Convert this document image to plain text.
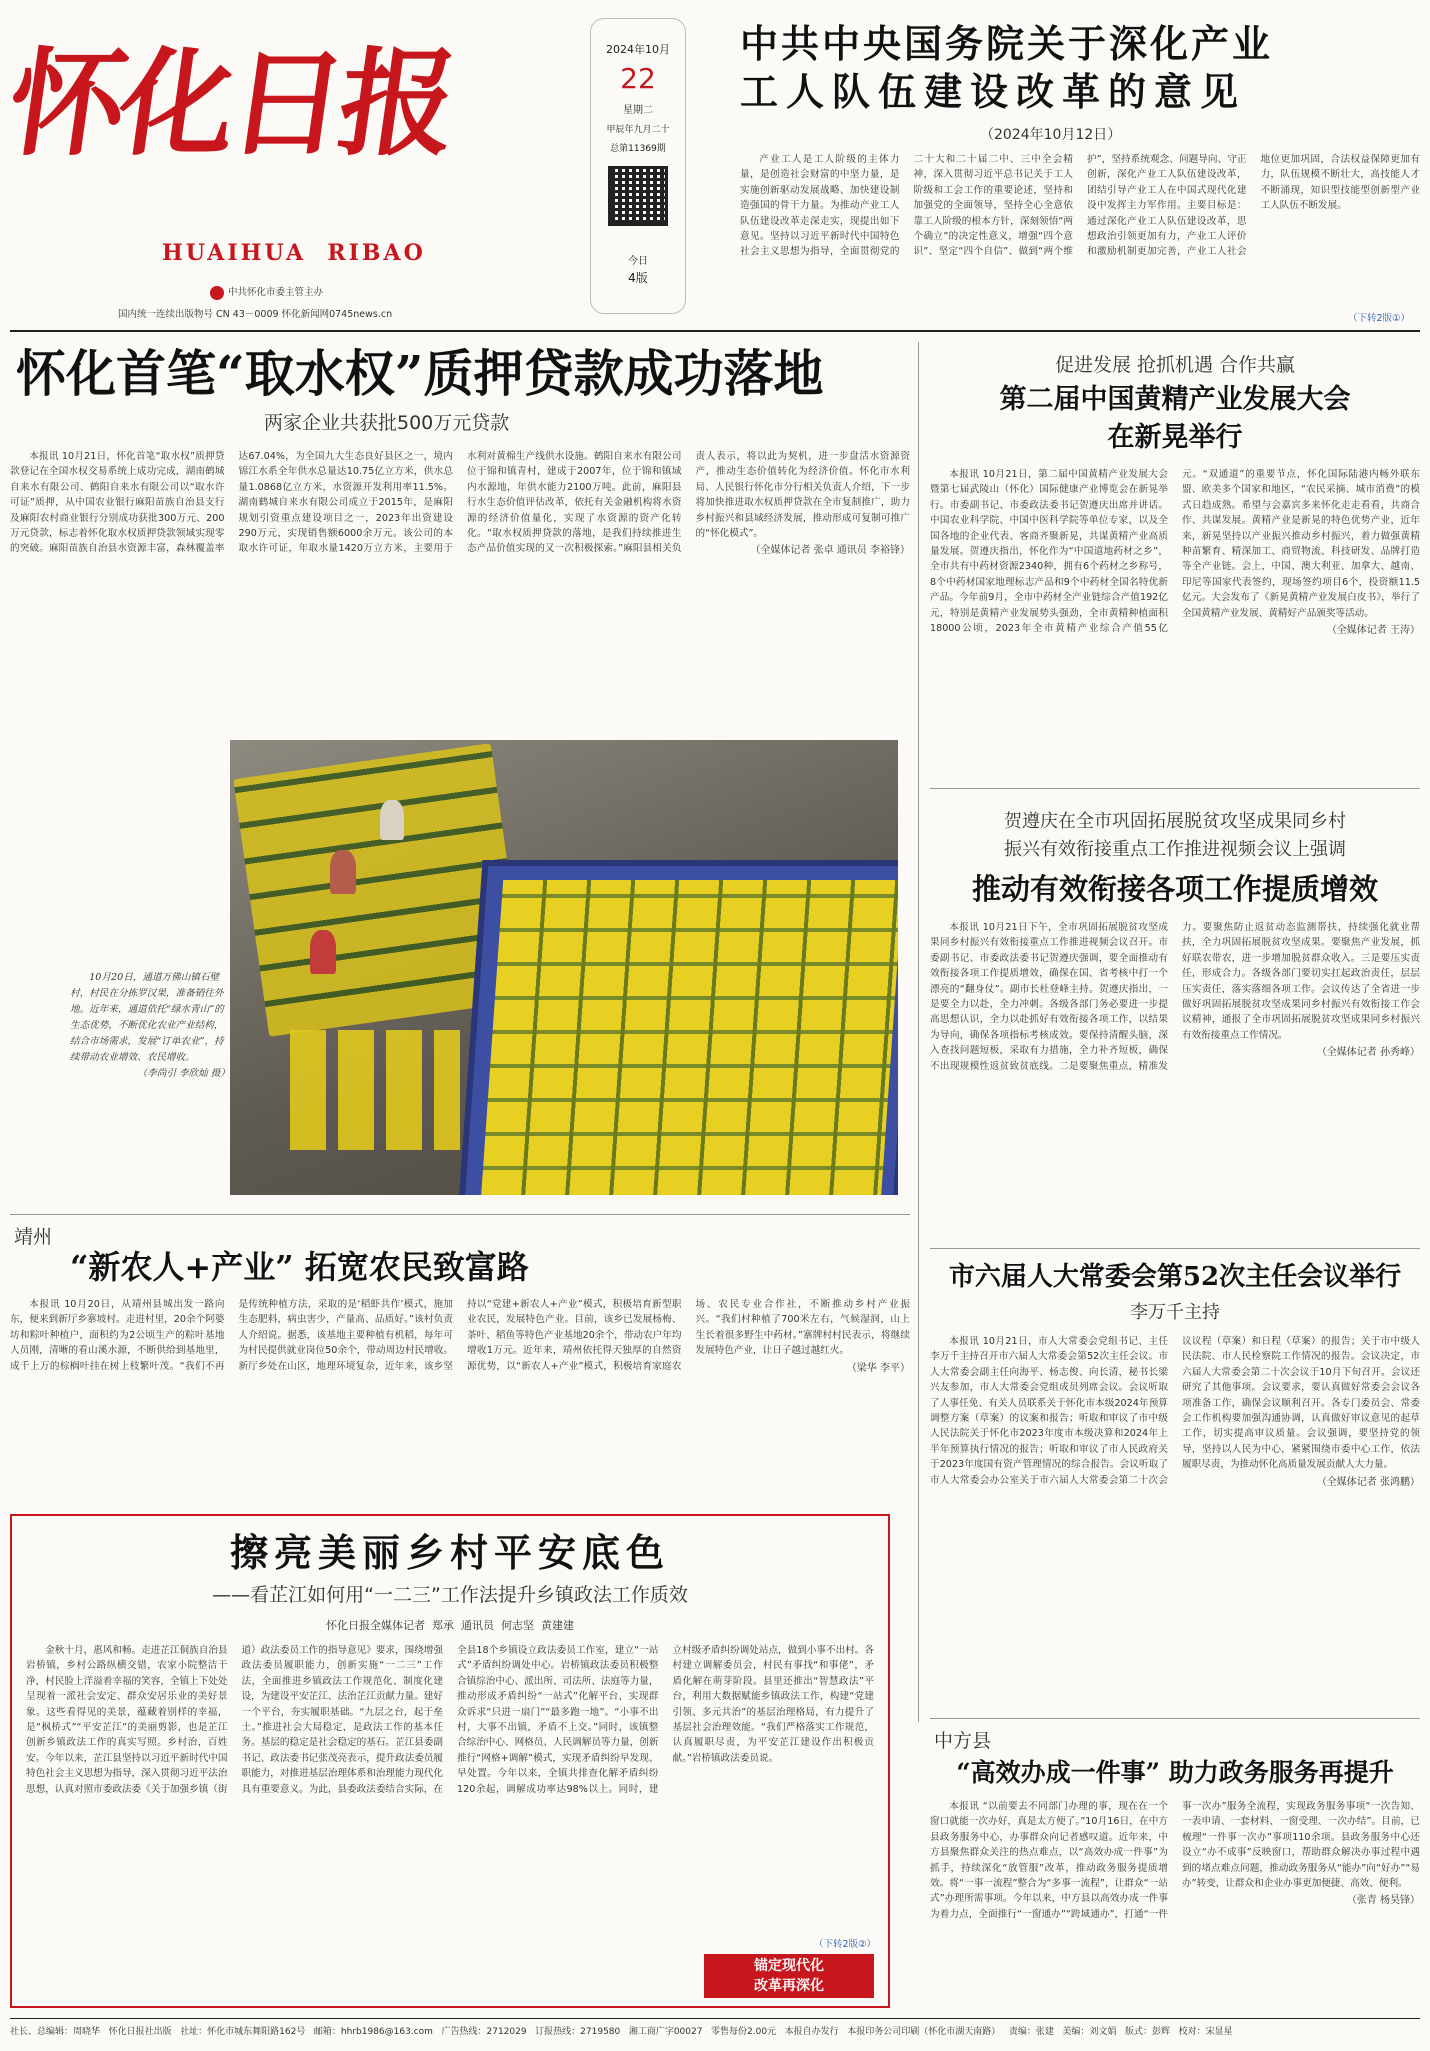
怀化日报
HUAIHUA  RIBAO
中共怀化市委主管主办
国内统一连续出版物号 CN 43－0009 怀化新闻网0745news.cn
2024年10月
22
星期二
甲辰年九月二十
总第11369期
今日
4版
中共中央国务院关于深化产业
工人队伍建设改革的意见
（2024年10月12日）
产业工人是工人阶级的主体力量，是创造社会财富的中坚力量，是实施创新驱动发展战略、加快建设制造强国的骨干力量。为推动产业工人队伍建设改革走深走实，现提出如下意见。坚持以习近平新时代中国特色社会主义思想为指导，全面贯彻党的二十大和二十届二中、三中全会精神，深入贯彻习近平总书记关于工人阶级和工会工作的重要论述，坚持和加强党的全面领导，坚持全心全意依靠工人阶级的根本方针，深刻领悟“两个确立”的决定性意义，增强“四个意识”、坚定“四个自信”、做到“两个维护”，坚持系统观念、问题导向、守正创新，深化产业工人队伍建设改革，团结引导产业工人在中国式现代化建设中发挥主力军作用。主要目标是：通过深化产业工人队伍建设改革，思想政治引领更加有力，产业工人评价和激励机制更加完善，产业工人社会地位更加巩固，合法权益保障更加有力，队伍规模不断壮大，高技能人才不断涌现，知识型技能型创新型产业工人队伍不断发展。
（下转2版①）
怀化首笔“取水权”质押贷款成功落地
两家企业共获批500万元贷款
本报讯 10月21日，怀化首笔“取水权”质押贷款登记在全国水权交易系统上成功完成，湖南鹤城自来水有限公司、鹤阳自来水有限公司以“取水许可证”质押，从中国农业银行麻阳苗族自治县支行及麻阳农村商业银行分别成功获批300万元、200万元贷款，标志着怀化取水权质押贷款领域实现零的突破。麻阳苗族自治县水资源丰富，森林覆盖率达67.04%，为全国九大生态良好县区之一，境内锦江水系全年供水总量达10.75亿立方米，供水总量1.0868亿立方米，水资源开发利用率11.5%。湖南鹤城自来水有限公司成立于2015年，是麻阳规划引资重点建设项目之一，2023年出资建设290万元，实现销售额6000余万元。该公司的本取水许可证，年取水量1420万立方米，主要用于水利对黄棉生产线供水设施。鹤阳自来水有限公司位于锦和镇青村，建成于2007年，位于锦和镇域内水源地，年供水能力2100万吨。此前，麻阳县行水生态价值评估改革，依托有关金融机构将水资源的经济价值量化，实现了水资源的资产化转化。“取水权质押贷款的落地，是我们持续推进生态产品价值实现的又一次积极探索。”麻阳县相关负责人表示，将以此为契机，进一步盘活水资源资产，推动生态价值转化为经济价值。怀化市水利局、人民银行怀化市分行相关负责人介绍，下一步将加快推进取水权质押贷款在全市复制推广，助力乡村振兴和县域经济发展，推动形成可复制可推广的“怀化模式”。
（全媒体记者 张卓 通讯员 李裕锋）
促进发展 抢抓机遇 合作共赢
第二届中国黄精产业发展大会
在新晃举行
本报讯 10月21日，第二届中国黄精产业发展大会暨第七届武陵山（怀化）国际健康产业博览会在新晃举行。市委副书记、市委政法委书记贺遵庆出席并讲话。中国农业科学院、中国中医科学院等单位专家，以及全国各地的企业代表、客商齐聚新晃，共谋黄精产业高质量发展。贺遵庆指出，怀化作为“中国道地药材之乡”，全市共有中药材资源2340种，拥有6个药材之乡称号，8个中药材国家地理标志产品和9个中药材全国名特优新产品。今年前9月，全市中药材全产业链综合产值192亿元，特别是黄精产业发展势头强劲，全市黄精种植面积18000公顷，2023年全市黄精产业综合产值55亿元。“双通道”的重要节点，怀化国际陆港内畅外联东盟、欧美多个国家和地区，“农民采摘、城市消费”的模式日趋成熟。希望与会嘉宾多来怀化走走看看，共商合作、共谋发展。黄精产业是新晃的特色优势产业，近年来，新晃坚持以产业振兴推动乡村振兴，着力做强黄精种苗繁育、精深加工、商贸物流、科技研发、品牌打造等全产业链。会上，中国、澳大利亚、加拿大、越南、印尼等国家代表签约，现场签约项目6个，投资额11.5亿元。大会发布了《新晃黄精产业发展白皮书》，举行了全国黄精产业发展、黄精好产品颁奖等活动。
（全媒体记者 王涛）
10月20日，通道万佛山镇石壁村，村民在分拣罗汉果，准备销往外地。近年来，通道依托“绿水青山”的生态优势，不断优化农业产业结构，结合市场需求，发展“订单农业”，持续带动农业增效、农民增收。
（李尚引 李欣灿 摄）
贺遵庆在全市巩固拓展脱贫攻坚成果同乡村
振兴有效衔接重点工作推进视频会议上强调
推动有效衔接各项工作提质增效
本报讯 10月21日下午，全市巩固拓展脱贫攻坚成果同乡村振兴有效衔接重点工作推进视频会议召开。市委副书记、市委政法委书记贺遵庆强调，要全面推动有效衔接各项工作提质增效，确保在国、省考核中打一个漂亮的“翻身仗”。副市长杜登峰主持。贺遵庆指出，一是要全力以赴，全力冲刺。各级各部门务必要进一步提高思想认识，全力以赴抓好有效衔接各项工作，以结果为导向，确保各项指标考核成效。要保持清醒头脑，深入查找问题短板，采取有力措施，全力补齐短板，确保不出现规模性返贫致贫底线。二是要聚焦重点，精准发力。要聚焦防止返贫动态监测帮扶，持续强化就业帮扶，全力巩固拓展脱贫攻坚成果。要聚焦产业发展，抓好联农带农，进一步增加脱贫群众收入。三是要压实责任，形成合力。各级各部门要切实扛起政治责任，层层压实责任，落实落细各项工作。会议传达了全省进一步做好巩固拓展脱贫攻坚成果同乡村振兴有效衔接工作会议精神，通报了全市巩固拓展脱贫攻坚成果同乡村振兴有效衔接重点工作情况。
（全媒体记者 孙秀峰）
靖州
“新农人+产业” 拓宽农民致富路
本报讯 10月20日，从靖州县城出发一路向东，便来到新厅乡寨坡村。走进村里，20余个阿婆坊和粽叶种植户，面积约为2公顷生产的粽叶基地人员刚，清晰的看山溪水源，不断供给到基地里，成千上万的棕榈叶挂在树上枝繁叶茂。“我们不再是传统种植方法，采取的是‘稻虾共作’模式，施加生态肥料，病虫害少，产量高、品质好。”该村负责人介绍说。据悉，该基地主要种植有机稻，每年可为村民提供就业岗位50余个，带动周边村民增收。新厅乡处在山区，地理环境复杂，近年来，该乡坚持以“党建+新农人+产业”模式，积极培育新型职业农民，发展特色产业。目前，该乡已发展杨梅、茶叶、稻鱼等特色产业基地20余个，带动农户年均增收1万元。近年来，靖州依托得天独厚的自然资源优势，以“新农人+产业”模式，积极培育家庭农场、农民专业合作社，不断推动乡村产业振兴。“我们村种植了700米左右，气候湿润，山上生长着很多野生中药材。”寨牌村村民表示，将继续发展特色产业，让日子越过越红火。
（梁华 李平）
市六届人大常委会第52次主任会议举行
李万千主持
本报讯 10月21日，市人大常委会党组书记、主任李万千主持召开市六届人大常委会第52次主任会议。市人大常委会副主任向海平、杨志俊、向长清，秘书长梁兴友参加，市人大常委会党组成员列席会议。会议听取了人事任免、有关人员联系关于怀化市本级2024年预算调整方案（草案）的议案和报告；听取和审议了市中级人民法院关于怀化市2023年度市本级决算和2024年上半年预算执行情况的报告；听取和审议了市人民政府关于2023年度国有资产管理情况的综合报告。会议听取了市人大常委会办公室关于市六届人大常委会第二十次会议议程（草案）和日程（草案）的报告；关于市中级人民法院、市人民检察院工作情况的报告。会议决定，市六届人大常委会第二十次会议于10月下旬召开。会议还研究了其他事项。会议要求，要认真做好常委会会议各项准备工作，确保会议顺利召开。各专门委员会、常委会工作机构要加强沟通协调，认真做好审议意见的起草工作，切实提高审议质量。会议强调，要坚持党的领导，坚持以人民为中心，紧紧围绕市委中心工作，依法履职尽责，为推动怀化高质量发展贡献人大力量。
（全媒体记者 张鸿鹏）
擦亮美丽乡村平安底色
——看芷江如何用“一二三”工作法提升乡镇政法工作质效
怀化日报全媒体记者  郑承  通讯员  何志坚  黄建建
金秋十月，惠风和畅。走进芷江侗族自治县岩桥镇，乡村公路纵横交错，农家小院整洁干净，村民脸上洋溢着幸福的笑容，全镇上下处处呈现着一派社会安定、群众安居乐业的美好景象。这些看得见的美景，蕴藏着别样的幸福，是“枫桥式”“平安芷江”的美丽剪影，也是芷江创新乡镇政法工作的真实写照。乡村治，百姓安。今年以来，芷江县坚持以习近平新时代中国特色社会主义思想为指导，深入贯彻习近平法治思想，认真对照市委政法委《关于加强乡镇（街道）政法委员工作的指导意见》要求，围绕增强政法委员履职能力，创新实施“一二三”工作法，全面推进乡镇政法工作规范化、制度化建设，为建设平安芷江、法治芷江贡献力量。建好一个平台，夯实履职基础。“九层之台，起于垒土。”推进社会大局稳定，是政法工作的基本任务。基层的稳定是社会稳定的基石。芷江县委副书记、政法委书记张茂亮表示，提升政法委员履职能力，对推进基层治理体系和治理能力现代化具有重要意义。为此，县委政法委结合实际，在全县18个乡镇设立政法委员工作室，建立“一站式”矛盾纠纷调处中心。岩桥镇政法委员积极整合镇综治中心、派出所、司法所、法庭等力量，推动形成矛盾纠纷“一站式”化解平台，实现群众诉求“只进一扇门”“最多跑一地”。“小事不出村，大事不出镇，矛盾不上交。”同时，该镇整合综治中心、网格员、人民调解员等力量，创新推行“网格+调解”模式，实现矛盾纠纷早发现、早处置。今年以来，全镇共排查化解矛盾纠纷120余起，调解成功率达98%以上。同时，建立村级矛盾纠纷调处站点，做到小事不出村。各村建立调解委员会，村民有事找“和事佬”，矛盾化解在萌芽阶段。县里还推出“智慧政法”平台，利用大数据赋能乡镇政法工作，构建“党建引领、多元共治”的基层治理格局，有力提升了基层社会治理效能。“我们严格落实工作规范，认真履职尽责，为平安芷江建设作出积极贡献。”岩桥镇政法委员说。
（下转2版②）
锚定现代化
改革再深化
中方县
“高效办成一件事” 助力政务服务再提升
本报讯 “以前要去不同部门办理的事，现在在一个窗口就能一次办好，真是太方便了。”10月16日，在中方县政务服务中心，办事群众向记者感叹道。近年来，中方县聚焦群众关注的热点难点，以“高效办成一件事”为抓手，持续深化“放管服”改革，推动政务服务提质增效。将“一事一流程”整合为“多事一流程”，让群众“一站式”办理所需事项。今年以来，中方县以高效办成一件事为着力点，全面推行“一窗通办”“跨域通办”，打通“一件事一次办”服务全流程，实现政务服务事项“一次告知、一表申请、一套材料、一窗受理、一次办结”。目前，已梳理“一件事一次办”事项110余项。县政务服务中心还设立“办不成事”反映窗口，帮助群众解决办事过程中遇到的堵点难点问题，推动政务服务从“能办”向“好办”“易办”转变，让群众和企业办事更加便捷、高效、便利。
（张青 杨昊锋）
社长、总编辑：周晓华   怀化日报社出版   社址：怀化市城东舞阳路162号   邮箱：hhrb1986@163.com   广告热线：2712029   订报热线：2719580   湘工商广字00027   零售每份2.00元   本报自办发行   本报印务公司印刷（怀化市湖天南路）   责编：张建   美编：刘文娟   版式：彭辉   校对：宋显星
